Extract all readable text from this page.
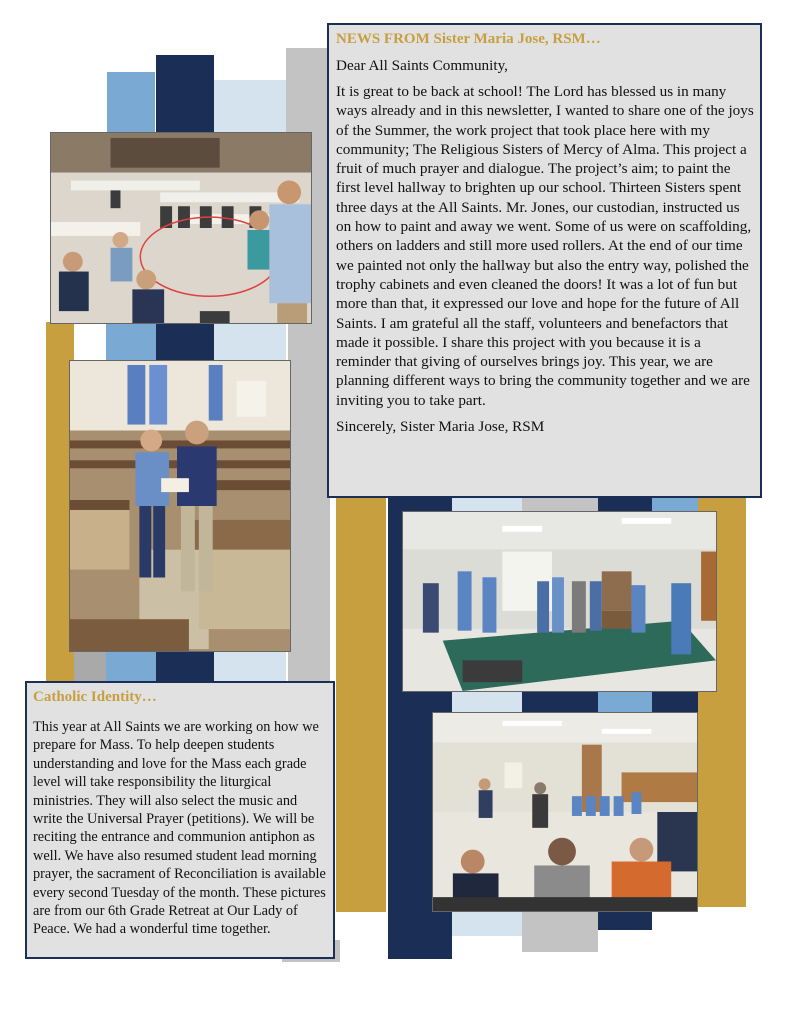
NEWS FROM Sister Maria Jose, RSM…

Dear All Saints Community,

It is great to be back at school! The Lord has blessed us in many ways already and in this newsletter, I wanted to share one of the joys of the Summer, the work project that took place here with my community; The Religious Sisters of Mercy of Alma. This project a fruit of much prayer and dialogue. The project’s aim; to paint the first level hallway to brighten up our school. Thirteen Sisters spent three days at the All Saints. Mr. Jones, our custodian, instructed us on how to paint and away we went. Some of us were on scaffolding, others on ladders and still more used rollers. At the end of our time we painted not only the hallway but also the entry way, polished the trophy cabinets and even cleaned the doors! It was a lot of fun but more than that, it expressed our love and hope for the future of All Saints. I am grateful all the staff, volunteers and benefactors that made it possible. I share this project with you because it is a reminder that giving of ourselves brings joy. This year, we are planning different ways to bring the community together and we are inviting you to take part.

Sincerely, Sister Maria Jose, RSM

Catholic Identity…

This year at All Saints we are working on how we prepare for Mass. To help deepen students understanding and love for the Mass each grade level will take responsibility the liturgical ministries. They will also select the music and write the Universal Prayer (petitions). We will be reciting the entrance and communion antiphon as well. We have also resumed student lead morning prayer, the sacrament of Reconciliation is available every second Tuesday of the month. These pictures are from our 6th Grade Retreat at Our Lady of Peace. We had a wonderful time together.
